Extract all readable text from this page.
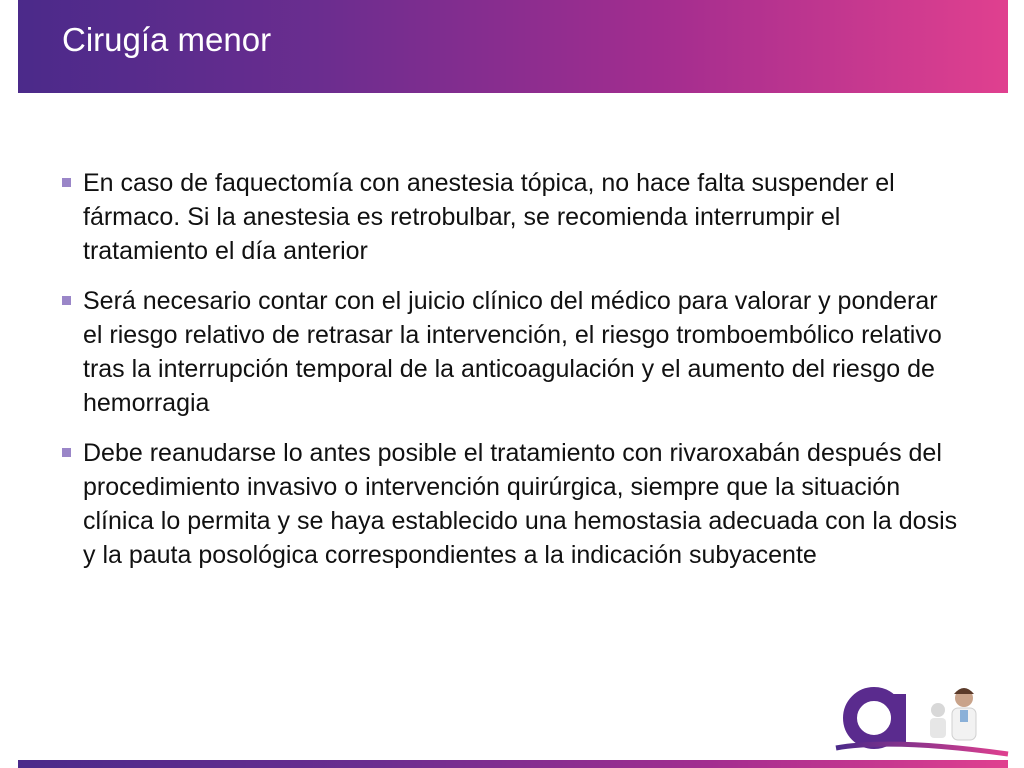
Cirugía menor
En caso de faquectomía con anestesia tópica, no hace falta suspender el fármaco. Si la anestesia es retrobulbar, se recomienda interrumpir el tratamiento el día anterior
Será necesario contar con el juicio clínico del médico para valorar y ponderar el riesgo relativo de retrasar la intervención, el riesgo tromboembólico relativo tras la interrupción temporal de la anticoagulación y el aumento del riesgo de hemorragia
Debe reanudarse lo antes posible el tratamiento con rivaroxabán después del procedimiento invasivo o intervención quirúrgica, siempre que la situación clínica lo permita y se haya establecido una hemostasia adecuada con la dosis y la pauta posológica correspondientes a la indicación subyacente
